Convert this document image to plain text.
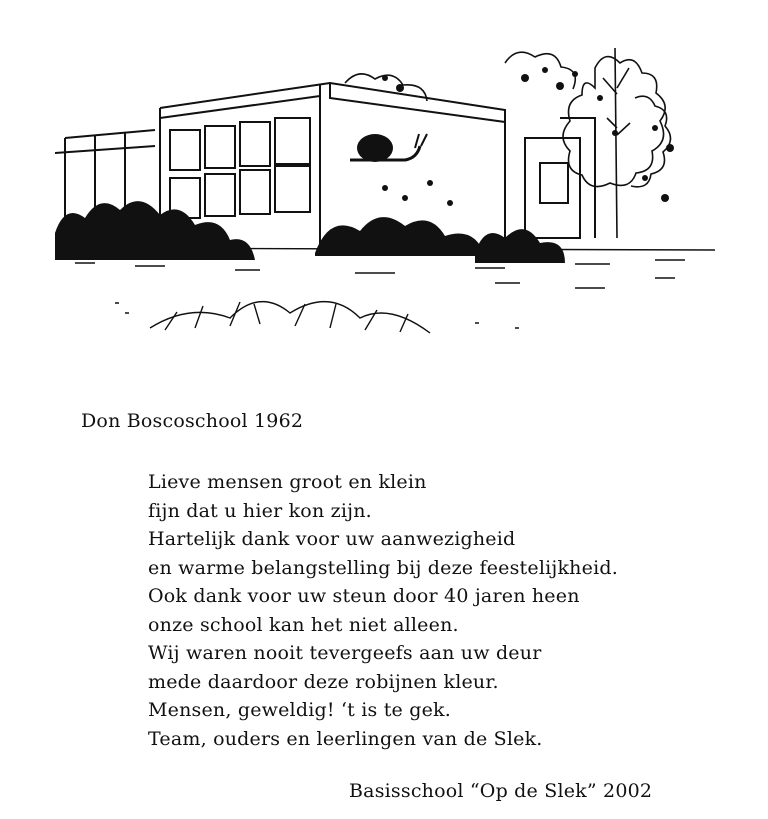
Don Boscoschool 1962
Lieve mensen groot en klein
fijn dat u hier kon zijn.
Hartelijk dank voor uw aanwezigheid
en warme belangstelling bij deze feestelijkheid.
Ook dank voor uw steun door 40 jaren heen
onze school kan het niet alleen.
Wij waren nooit tevergeefs aan uw deur
mede daardoor deze robijnen kleur.
Mensen, geweldig! ‘t is te gek.
Team, ouders en leerlingen van de Slek.
Basisschool “Op de Slek” 2002
